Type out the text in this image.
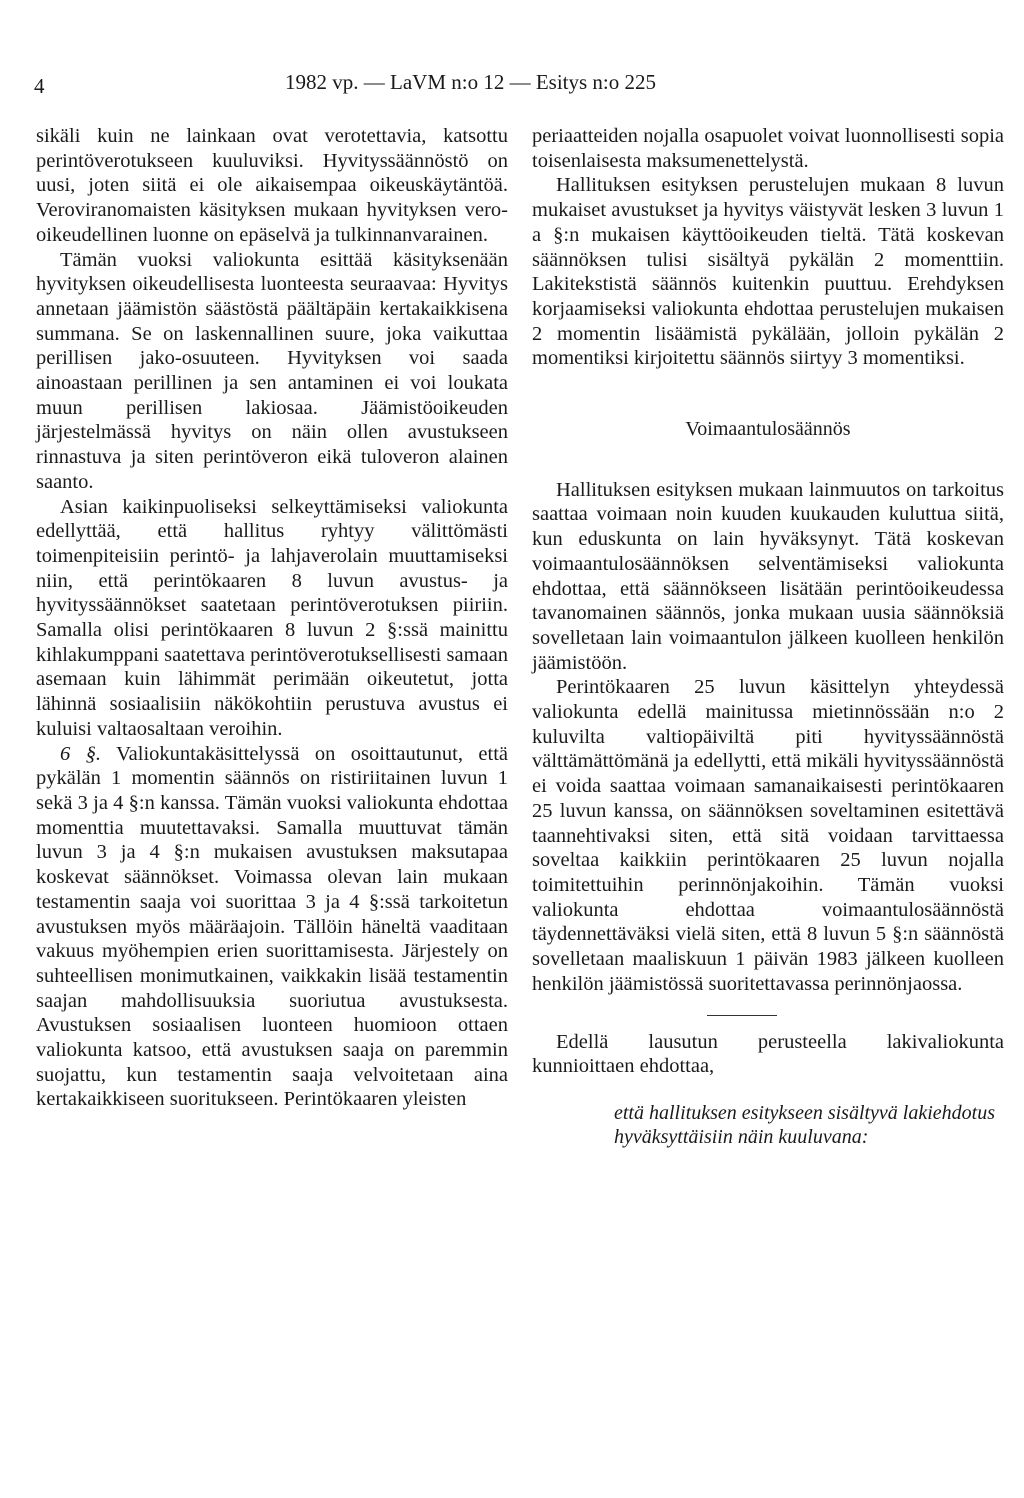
4	1982 vp. — LaVM n:o 12 — Esitys n:o 225

sikäli kuin ne lainkaan ovat verotettavia, katsottu perintöverotukseen kuuluviksi. Hyvityssäännöstö on uusi, joten siitä ei ole aikaisempaa oikeuskäytäntöä. Veroviranomaisten käsityksen mukaan hyvityksen vero-oikeudellinen luonne on epäselvä ja tulkinnanvarainen.

Tämän vuoksi valiokunta esittää käsityksenään hyvityksen oikeudellisesta luonteesta seuraavaa: Hyvitys annetaan jäämistön säästöstä päältäpäin kertakaikkisena summana. Se on laskennallinen suure, joka vaikuttaa perillisen jako-osuuteen. Hyvityksen voi saada ainoastaan perillinen ja sen antaminen ei voi loukata muun perillisen lakiosaa. Jäämistöoikeuden järjestelmässä hyvitys on näin ollen avustukseen rinnastuva ja siten perintöveron eikä tuloveron alainen saanto.

Asian kaikinpuoliseksi selkeyttämiseksi valiokunta edellyttää, että hallitus ryhtyy välittömästi toimenpiteisiin perintö- ja lahjaverolain muuttamiseksi niin, että perintökaaren 8 luvun avustus- ja hyvityssäännökset saatetaan perintöverotuksen piiriin. Samalla olisi perintökaaren 8 luvun 2 §:ssä mainittu kihlakumppani saatettava perintöverotuksellisesti samaan asemaan kuin lähimmät perimään oikeutetut, jotta lähinnä sosiaalisiin näkökohtiin perustuva avustus ei kuluisi valtaosaltaan veroihin.

6 §. Valiokuntakäsittelyssä on osoittautunut, että pykälän 1 momentin säännös on ristiriitainen luvun 1 sekä 3 ja 4 §:n kanssa. Tämän vuoksi valiokunta ehdottaa momenttia muutettavaksi. Samalla muuttuvat tämän luvun 3 ja 4 §:n mukaisen avustuksen maksutapaa koskevat säännökset. Voimassa olevan lain mukaan testamentin saaja voi suorittaa 3 ja 4 §:ssä tarkoitetun avustuksen myös määräajoin. Tällöin häneltä vaaditaan vakuus myöhempien erien suorittamisesta. Järjestely on suhteellisen monimutkainen, vaikkakin lisää testamentin saajan mahdollisuuksia suoriutua avustuksesta. Avustuksen sosiaalisen luonteen huomioon ottaen valiokunta katsoo, että avustuksen saaja on paremmin suojattu, kun testamentin saaja velvoitetaan aina kertakaikkiseen suoritukseen. Perintökaaren yleisten

periaatteiden nojalla osapuolet voivat luonnollisesti sopia toisenlaisesta maksumenettelystä.

Hallituksen esityksen perustelujen mukaan 8 luvun mukaiset avustukset ja hyvitys väistyvät lesken 3 luvun 1 a §:n mukaisen käyttöoikeuden tieltä. Tätä koskevan säännöksen tulisi sisältyä pykälän 2 momenttiin. Lakitekstistä säännös kuitenkin puuttuu. Erehdyksen korjaamiseksi valiokunta ehdottaa perustelujen mukaisen 2 momentin lisäämistä pykälään, jolloin pykälän 2 momentiksi kirjoitettu säännös siirtyy 3 momentiksi.

Voimaantulosäännös

Hallituksen esityksen mukaan lainmuutos on tarkoitus saattaa voimaan noin kuuden kuukauden kuluttua siitä, kun eduskunta on lain hyväksynyt. Tätä koskevan voimaantulosäännöksen selventämiseksi valiokunta ehdottaa, että säännökseen lisätään perintöoikeudessa tavanomainen säännös, jonka mukaan uusia säännöksiä sovelletaan lain voimaantulon jälkeen kuolleen henkilön jäämistöön.

Perintökaaren 25 luvun käsittelyn yhteydessä valiokunta edellä mainitussa mietinnössään n:o 2 kuluvilta valtiopäiviltä piti hyvityssäännöstä välttämättömänä ja edellytti, että mikäli hyvityssäännöstä ei voida saattaa voimaan samanaikaisesti perintökaaren 25 luvun kanssa, on säännöksen soveltaminen esitettävä taannehtivaksi siten, että sitä voidaan tarvittaessa soveltaa kaikkiin perintökaaren 25 luvun nojalla toimitettuihin perinnönjakoihin. Tämän vuoksi valiokunta ehdottaa voimaantulosäännöstä täydennettäväksi vielä siten, että 8 luvun 5 §:n säännöstä sovelletaan maaliskuun 1 päivän 1983 jälkeen kuolleen henkilön jäämistössä suoritettavassa perinnönjaossa.

Edellä lausutun perusteella lakivaliokunta kunnioittaen ehdottaa,

että hallituksen esitykseen sisältyvä lakiehdotus hyväksyttäisiin näin kuuluvana:
